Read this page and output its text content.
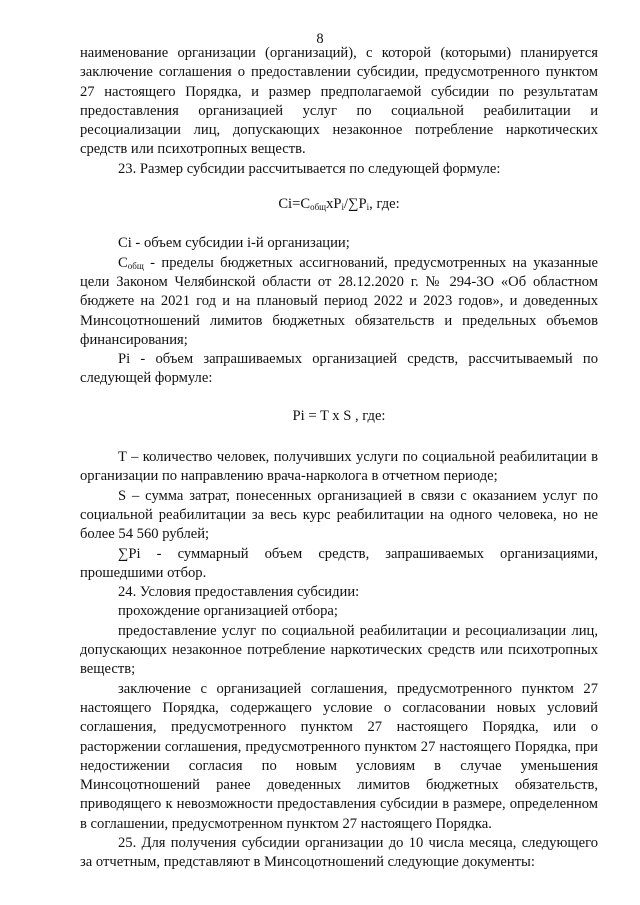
8

наименование организации (организаций), с которой (которыми) планируется заключение соглашения о предоставлении субсидии, предусмотренного пунктом 27 настоящего Порядка, и размер предполагаемой субсидии по результатам предоставления организацией услуг по социальной реабилитации и ресоциализации лиц, допускающих незаконное потребление наркотических средств или психотропных веществ.

23. Размер субсидии рассчитывается по следующей формуле:

$Ci=C_{общ}xP_i/\sum P_i$, где:

Ci - объем субсидии i-й организации;

$C_{общ}$ - пределы бюджетных ассигнований, предусмотренных на указанные цели Законом Челябинской области от 28.12.2020 г. № 294-ЗО «Об областном бюджете на 2021 год и на плановый период 2022 и 2023 годов», и доведенных Минсоцотношений лимитов бюджетных обязательств и предельных объемов финансирования;

Pi - объем запрашиваемых организацией средств, рассчитываемый по следующей формуле:

Pi = T x S , где:

T – количество человек, получивших услуги по социальной реабилитации в организации по направлению врача-нарколога в отчетном периоде;

S – сумма затрат, понесенных организацией в связи с оказанием услуг по социальной реабилитации за весь курс реабилитации на одного человека, но не более 54 560 рублей;

∑Pi - суммарный объем средств, запрашиваемых организациями, прошедшими отбор.

24. Условия предоставления субсидии:

прохождение организацией отбора;

предоставление услуг по социальной реабилитации и ресоциализации лиц, допускающих незаконное потребление наркотических средств или психотропных веществ;

заключение с организацией соглашения, предусмотренного пунктом 27 настоящего Порядка, содержащего условие о согласовании новых условий соглашения, предусмотренного пунктом 27 настоящего Порядка, или о расторжении соглашения, предусмотренного пунктом 27 настоящего Порядка, при недостижении согласия по новым условиям в случае уменьшения Минсоцотношений ранее доведенных лимитов бюджетных обязательств, приводящего к невозможности предоставления субсидии в размере, определенном в соглашении, предусмотренном пунктом 27 настоящего Порядка.

25. Для получения субсидии организации до 10 числа месяца, следующего за отчетным, представляют в Минсоцотношений следующие документы:
